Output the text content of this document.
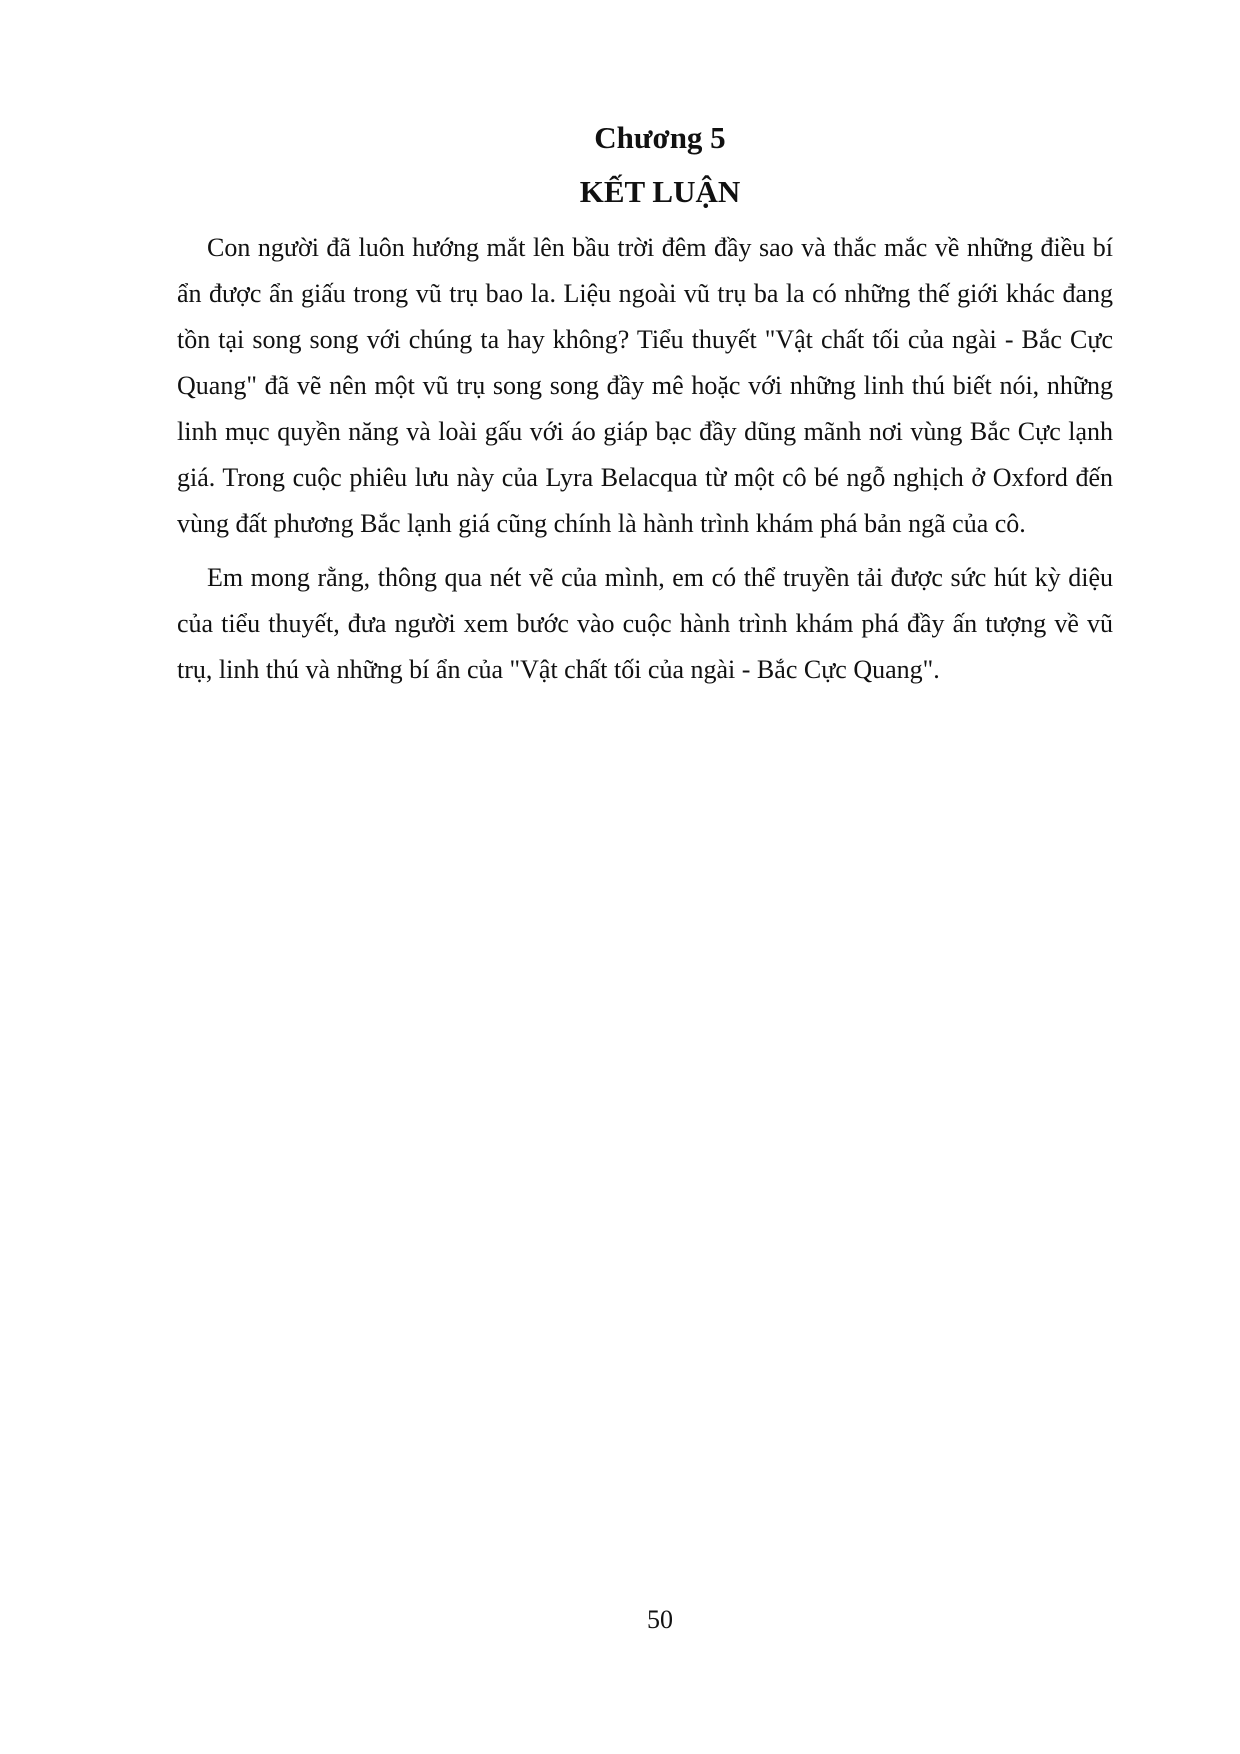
Chương 5
KẾT LUẬN

Con người đã luôn hướng mắt lên bầu trời đêm đầy sao và thắc mắc về những điều bí ẩn được ẩn giấu trong vũ trụ bao la. Liệu ngoài vũ trụ ba la có những thế giới khác đang tồn tại song song với chúng ta hay không? Tiểu thuyết "Vật chất tối của ngài - Bắc Cực Quang" đã vẽ nên một vũ trụ song song đầy mê hoặc với những linh thú biết nói, những linh mục quyền năng và loài gấu với áo giáp bạc đầy dũng mãnh nơi vùng Bắc Cực lạnh giá. Trong cuộc phiêu lưu này của Lyra Belacqua từ một cô bé ngỗ nghịch ở Oxford đến vùng đất phương Bắc lạnh giá cũng chính là hành trình khám phá bản ngã của cô.

Em mong rằng, thông qua nét vẽ của mình, em có thể truyền tải được sức hút kỳ diệu của tiểu thuyết, đưa người xem bước vào cuộc hành trình khám phá đầy ấn tượng về vũ trụ, linh thú và những bí ẩn của "Vật chất tối của ngài - Bắc Cực Quang".

50
